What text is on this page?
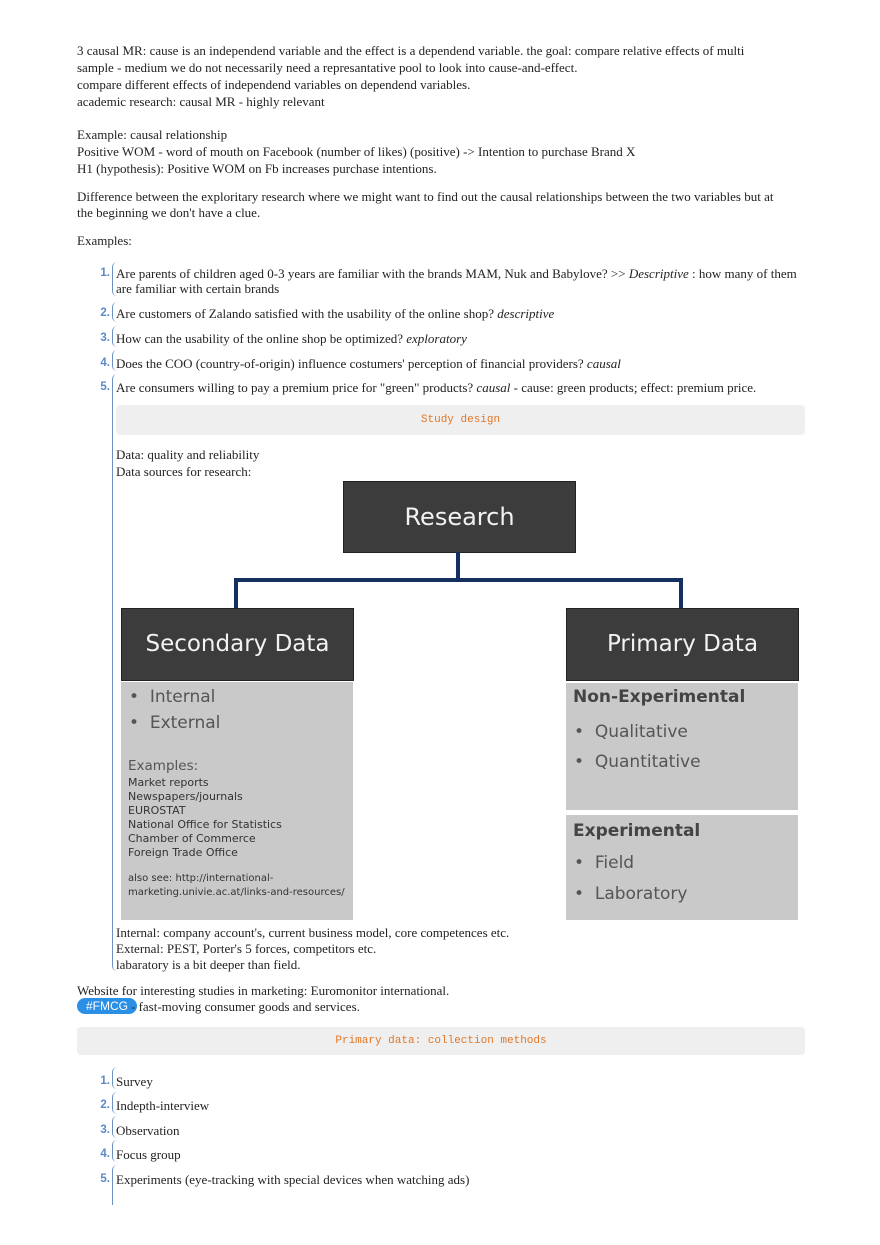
3 causal MR: cause is an independend variable and the effect is a dependend variable. the goal: compare relative effects of multi
sample - medium we do not necessarily need a represantative pool to look into cause-and-effect.
compare different effects of independend variables on dependend variables.
academic research: causal MR - highly relevant
Example: causal relationship
Positive WOM - word of mouth on Facebook (number of likes) (positive) -> Intention to purchase Brand X
H1 (hypothesis): Positive WOM on Fb increases purchase intentions.
Difference between the exploritary research where we might want to find out the causal relationships between the two variables but at
the beginning we don't have a clue.
Examples:
1. Are parents of children aged 0-3 years are familiar with the brands MAM, Nuk and Babylove? >> Descriptive : how many of them
are familiar with certain brands
2. Are customers of Zalando satisfied with the usability of the online shop? descriptive
3. How can the usability of the online shop be optimized? exploratory
4. Does the COO (country-of-origin) influence costumers' perception of financial providers? causal
5. Are consumers willing to pay a premium price for "green" products? causal - cause: green products; effect: premium price.
Study design
Data: quality and reliability
Data sources for research:
Research
Secondary Data
•  Internal
•  External
Examples:
Market reports
Newspapers/journals
EUROSTAT
National Office for Statistics
Chamber of Commerce
Foreign Trade Office
also see: http://international-
marketing.univie.ac.at/links-and-resources/
Primary Data
Non-Experimental
•  Qualitative
•  Quantitative
Experimental
•  Field
•  Laboratory
Internal: company account's, current business model, core competences etc.
External: PEST, Porter's 5 forces, competitors etc.
labaratory is a bit deeper than field.
Website for interesting studies in marketing: Euromonitor international.
#FMCG - fast-moving consumer goods and services.
Primary data: collection methods
1. Survey
2. Indepth-interview
3. Observation
4. Focus group
5. Experiments (eye-tracking with special devices when watching ads)
